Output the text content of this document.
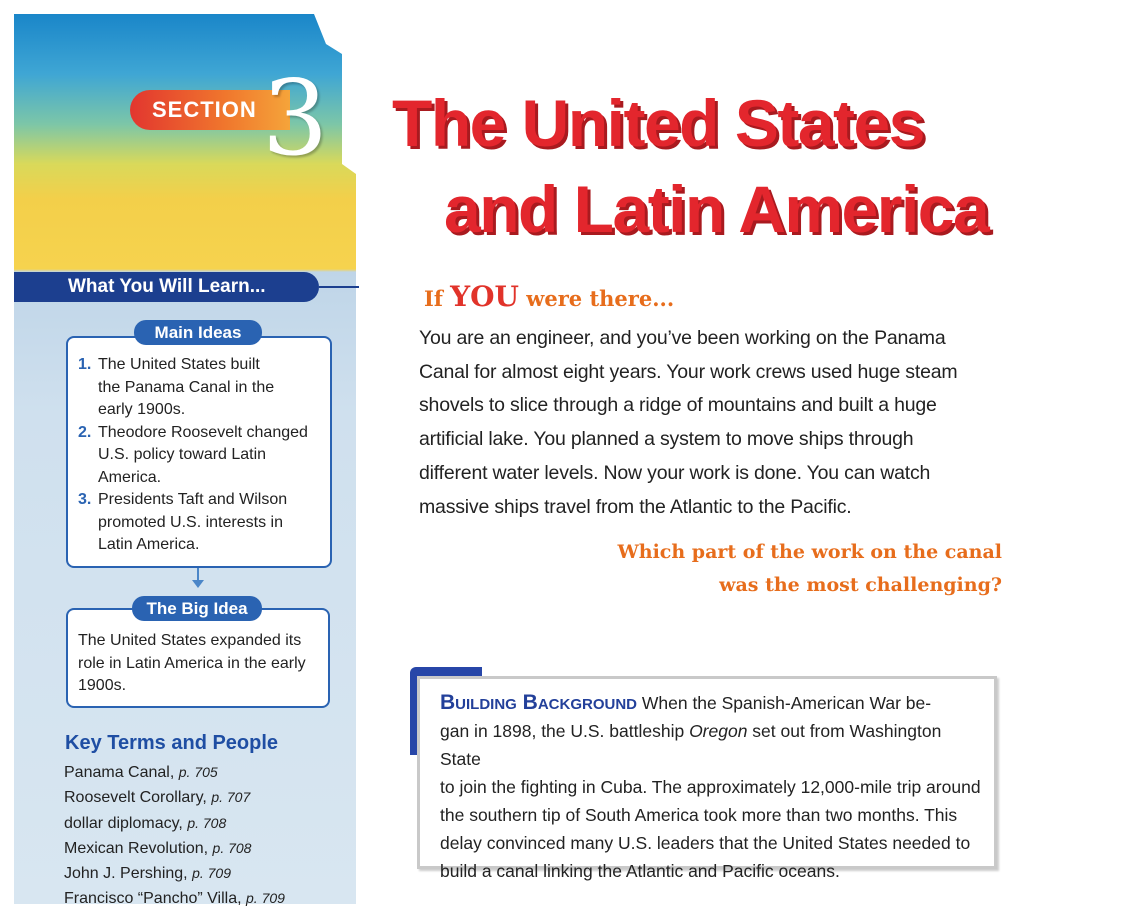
SECTION 3
What You Will Learn...
1. The United States built
the Panama Canal in the
early 1900s.
2. Theodore Roosevelt changed
U.S. policy toward Latin
America.
3. Presidents Taft and Wilson
promoted U.S. interests in
Latin America.
Main Ideas
The United States expanded its
role in Latin America in the early
1900s.
The Big Idea
Key Terms and People
Panama Canal, p. 705
Roosevelt Corollary, p. 707
dollar diplomacy, p. 708
Mexican Revolution, p. 708
John J. Pershing, p. 709
Francisco “Pancho” Villa, p. 709
The United States
and Latin America
If YOU were there...
You are an engineer, and you’ve been working on the Panama
Canal for almost eight years. Your work crews used huge steam
shovels to slice through a ridge of mountains and built a huge
artificial lake. You planned a system to move ships through
different water levels. Now your work is done. You can watch
massive ships travel from the Atlantic to the Pacific.
Which part of the work on the canal
was the most challenging?
Building Background When the Spanish-American War be-
gan in 1898, the U.S. battleship Oregon set out from Washington State
to join the fighting in Cuba. The approximately 12,000-mile trip around
the southern tip of South America took more than two months. This
delay convinced many U.S. leaders that the United States needed to
build a canal linking the Atlantic and Pacific oceans.
